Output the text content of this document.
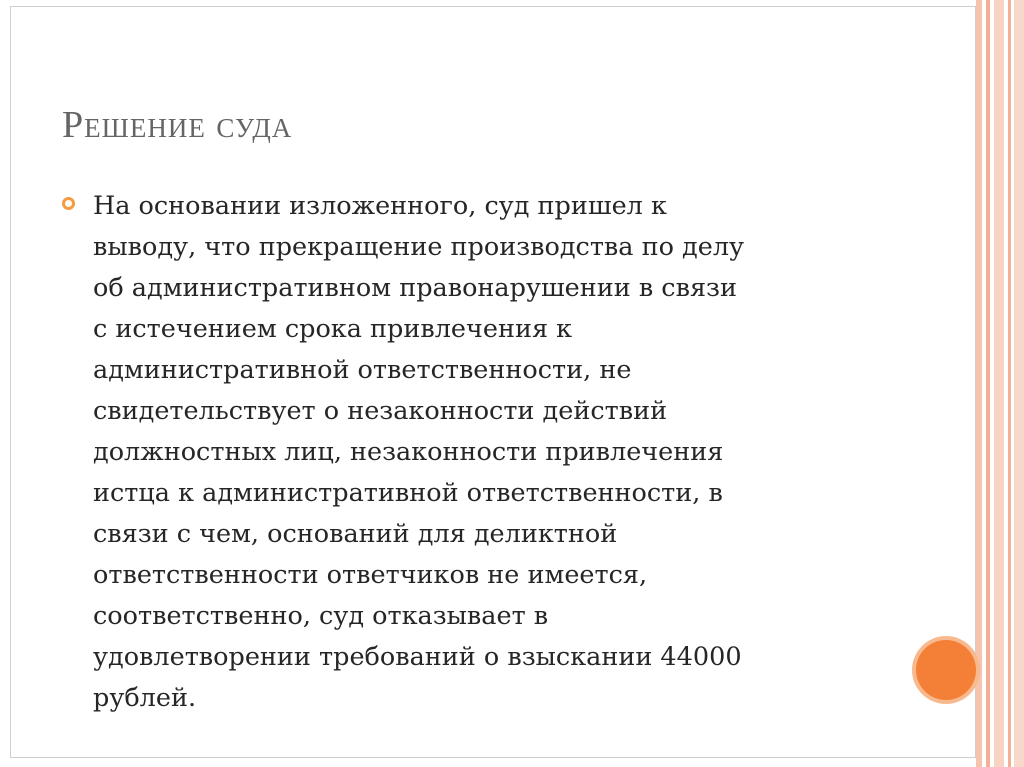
Решение суда

На основании изложенного, суд пришел к
выводу, что прекращение производства по делу
об административном правонарушении в связи
с истечением срока привлечения к
административной ответственности, не
свидетельствует о незаконности действий
должностных лиц, незаконности привлечения
истца к административной ответственности, в
связи с чем, оснований для деликтной
ответственности ответчиков не имеется,
соответственно, суд отказывает в
удовлетворении требований о взыскании 44000
рублей.
